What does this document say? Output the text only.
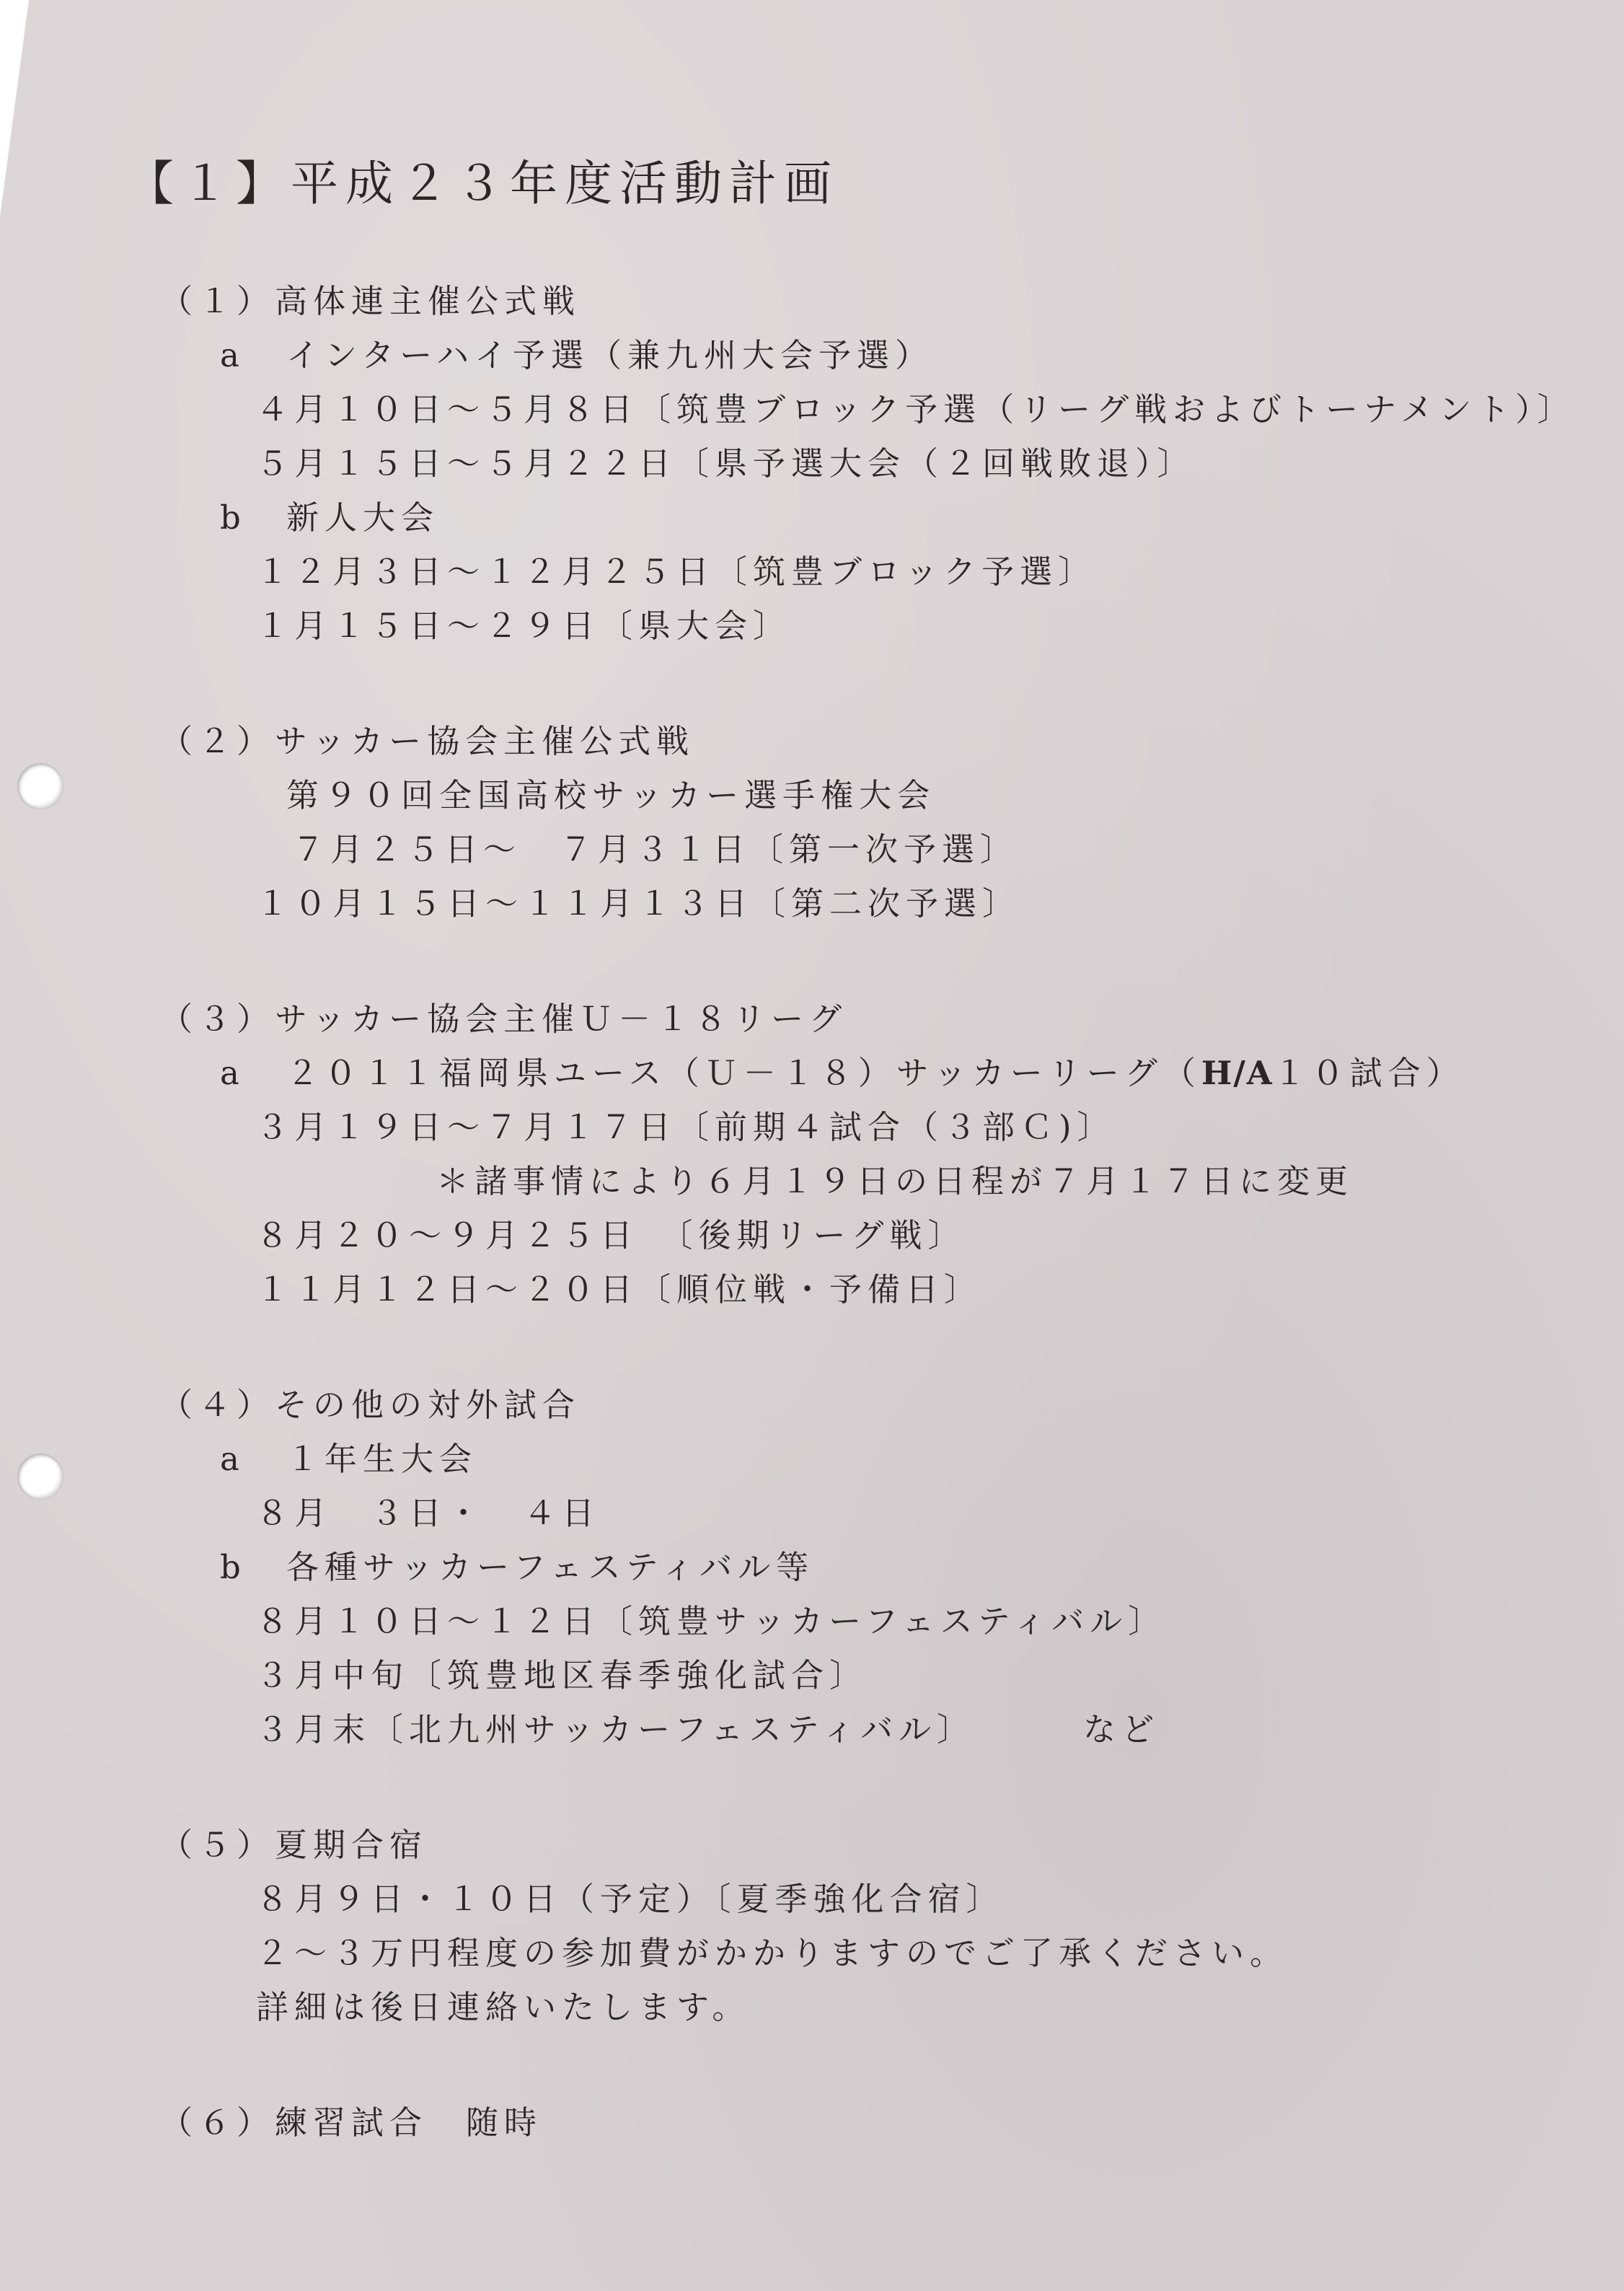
【１】平成２３年度活動計画
（１）高体連主催公式戦
a インターハイ予選（兼九州大会予選）
４月１０日～５月８日〔筑豊ブロック予選（リーグ戦およびトーナメント）〕
５月１５日～５月２２日〔県予選大会（２回戦敗退）〕
b 新人大会
１２月３日～１２月２５日〔筑豊ブロック予選〕
１月１５日～２９日〔県大会〕
（２）サッカー協会主催公式戦
第９０回全国高校サッカー選手権大会
７月２５日～　７月３１日〔第一次予選〕
１０月１５日～１１月１３日〔第二次予選〕
（３）サッカー協会主催Ｕ－１８リーグ
a ２０１１福岡県ユース（Ｕ－１８）サッカーリーグ（H/A１０試合）
３月１９日～７月１７日〔前期４試合（３部Ｃ)〕
＊諸事情により６月１９日の日程が７月１７日に変更
８月２０～９月２５日　〔後期リーグ戦〕
１１月１２日～２０日〔順位戦・予備日〕
（４）その他の対外試合
a １年生大会
８月　３日・　４日
b 各種サッカーフェスティバル等
８月１０日～１２日〔筑豊サッカーフェスティバル〕
３月中旬〔筑豊地区春季強化試合〕
３月末〔北九州サッカーフェスティバル〕	など
（５）夏期合宿
８月９日・１０日（予定）〔夏季強化合宿〕
２～３万円程度の参加費がかかりますのでご了承ください。
詳細は後日連絡いたします。
（６）練習試合　随時
